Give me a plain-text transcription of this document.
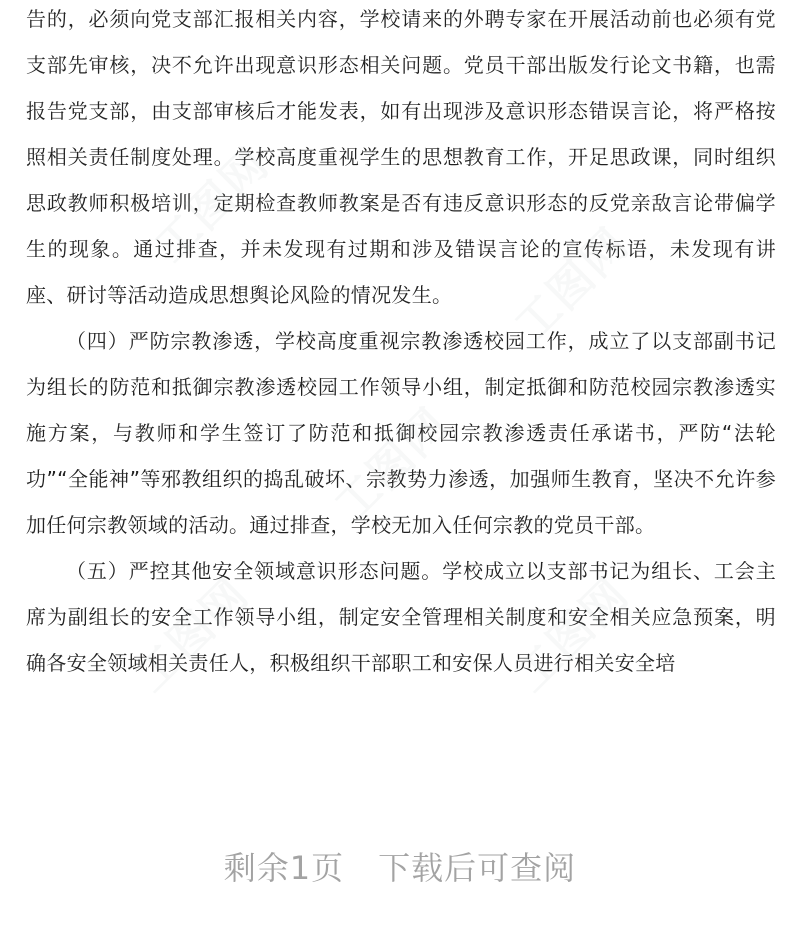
告的，必须向党支部汇报相关内容，学校请来的外聘专家在开展活动前也必须有党支部先审核，决不允许出现意识形态相关问题。党员干部出版发行论文书籍，也需报告党支部，由支部审核后才能发表，如有出现涉及意识形态错误言论，将严格按照相关责任制度处理。学校高度重视学生的思想教育工作，开足思政课，同时组织思政教师积极培训，定期检查教师教案是否有违反意识形态的反党亲敌言论带偏学生的现象。通过排查，并未发现有过期和涉及错误言论的宣传标语，未发现有讲座、研讨等活动造成思想舆论风险的情况发生。

（四）严防宗教渗透，学校高度重视宗教渗透校园工作，成立了以支部副书记为组长的防范和抵御宗教渗透校园工作领导小组，制定抵御和防范校园宗教渗透实施方案，与教师和学生签订了防范和抵御校园宗教渗透责任承诺书，严防“法轮功”“全能神”等邪教组织的捣乱破坏、宗教势力渗透，加强师生教育，坚决不允许参加任何宗教领域的活动。通过排查，学校无加入任何宗教的党员干部。

（五）严控其他安全领域意识形态问题。学校成立以支部书记为组长、工会主席为副组长的安全工作领导小组，制定安全管理相关制度和安全相关应急预案，明确各安全领域相关责任人，积极组织干部职工和安保人员进行相关安全培

工图网
工图网
工图网
工图网	工图网
剩余1页 下载后可查阅
